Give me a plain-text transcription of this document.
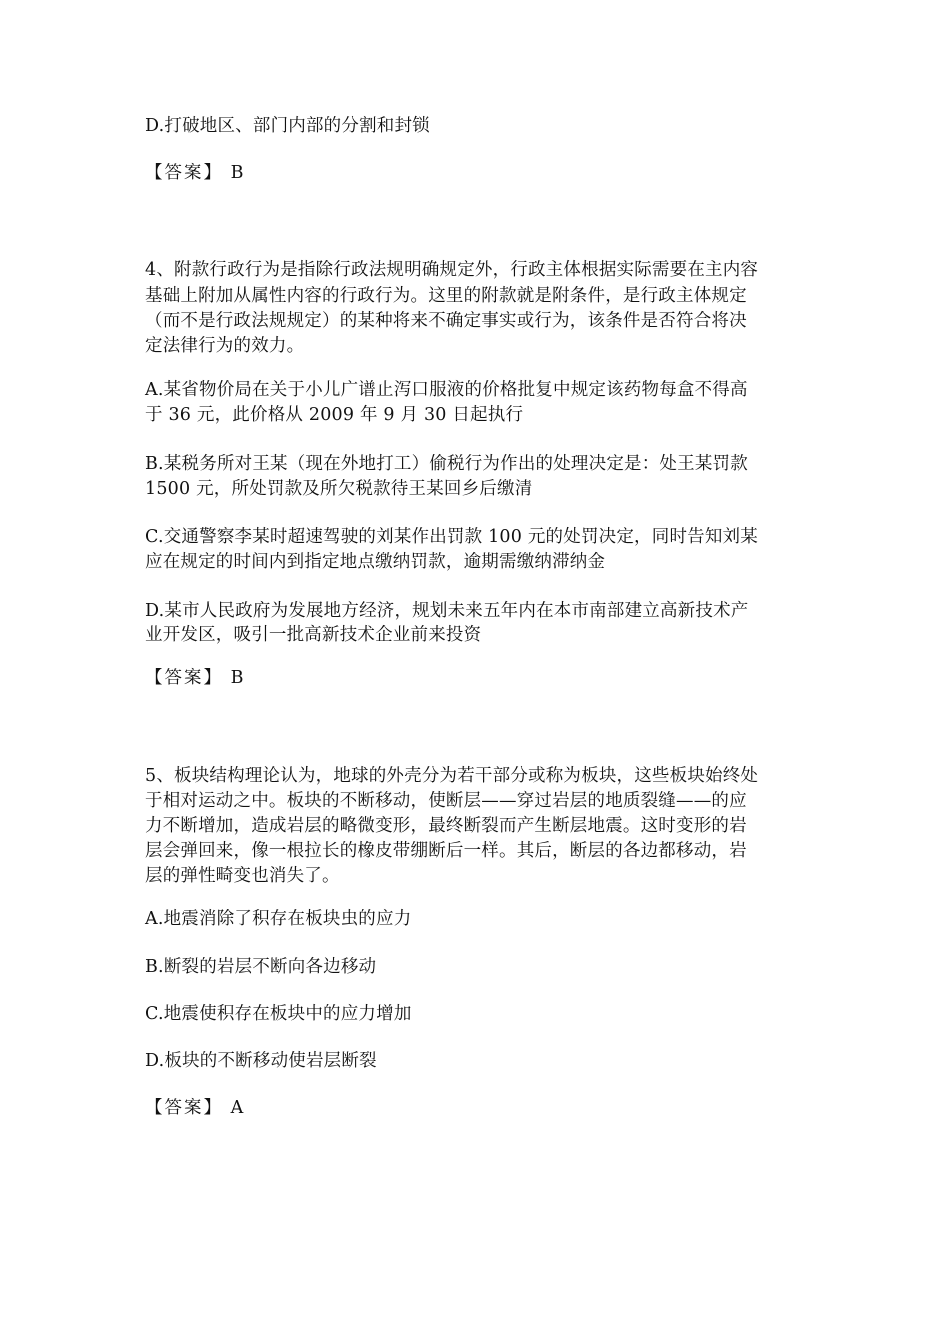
D.打破地区、部门内部的分割和封锁
【答案】 B
4、附款行政行为是指除行政法规明确规定外，行政主体根据实际需要在主内容
基础上附加从属性内容的行政行为。这里的附款就是附条件，是行政主体规定
（而不是行政法规规定）的某种将来不确定事实或行为，该条件是否符合将决
定法律行为的效力。
A.某省物价局在关于小儿广谱止泻口服液的价格批复中规定该药物每盒不得高
于 36 元，此价格从 2009 年 9 月 30 日起执行
B.某税务所对王某（现在外地打工）偷税行为作出的处理决定是：处王某罚款
1500 元，所处罚款及所欠税款待王某回乡后缴清
C.交通警察李某时超速驾驶的刘某作出罚款 100 元的处罚决定，同时告知刘某
应在规定的时间内到指定地点缴纳罚款，逾期需缴纳滞纳金
D.某市人民政府为发展地方经济，规划未来五年内在本市南部建立高新技术产
业开发区，吸引一批高新技术企业前来投资
【答案】 B
5、板块结构理论认为，地球的外壳分为若干部分或称为板块，这些板块始终处
于相对运动之中。板块的不断移动，使断层——穿过岩层的地质裂缝——的应
力不断增加，造成岩层的略微变形，最终断裂而产生断层地震。这时变形的岩
层会弹回来，像一根拉长的橡皮带绷断后一样。其后，断层的各边都移动，岩
层的弹性畸变也消失了。
A.地震消除了积存在板块虫的应力
B.断裂的岩层不断向各边移动
C.地震使积存在板块中的应力增加
D.板块的不断移动使岩层断裂
【答案】 A
